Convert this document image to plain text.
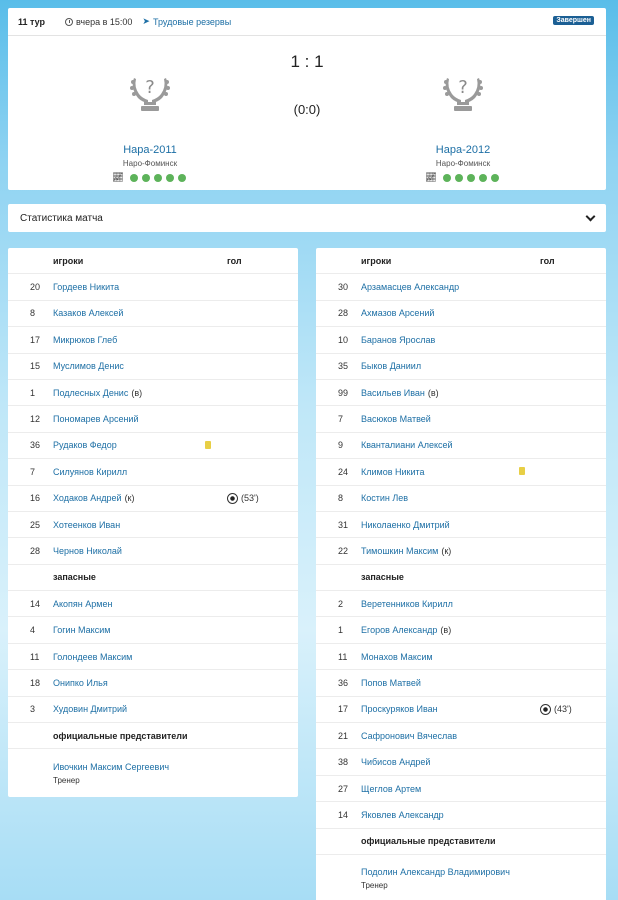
11 тур	вчера в 15:00 ➤ Трудовые резервы	Завершен
1 : 1
(0:0)
?
Нара-2011
Наро-Фоминск
📈︎
?
Нара-2012
Наро-Фоминск
📈︎
Статистика матча
игроки	гол
20	Гордеев Никита
8	Казаков Алексей
17	Микрюков Глеб
15	Муслимов Денис
1	Подлесных Денис (в)
12	Пономарев Арсений
36	Рудаков Федор
7	Силуянов Кирилл
16	Ходаков Андрей (к)	(53')
25	Хотеенков Иван
28	Чернов Николай
запасные
14	Акопян Армен
4	Гогин Максим
11	Голондеев Максим
18	Онипко Илья
3	Худовин Дмитрий
официальные представители
Ивочкин Максим Сергеевич
Тренер
игроки	гол
30	Арзамасцев Александр
28	Ахмазов Арсений
10	Баранов Ярослав
35	Быков Даниил
99	Васильев Иван (в)
7	Васюков Матвей
9	Кванталиани Алексей
24	Климов Никита
8	Костин Лев
31	Николаенко Дмитрий
22	Тимошкин Максим (к)
запасные
2	Веретенников Кирилл
1	Егоров Александр (в)
11	Монахов Максим
36	Попов Матвей
17	Проскуряков Иван	(43')
21	Сафронович Вячеслав
38	Чибисов Андрей
27	Щеглов Артем
14	Яковлев Александр
официальные представители
Подолин Александр Владимирович
Тренер
